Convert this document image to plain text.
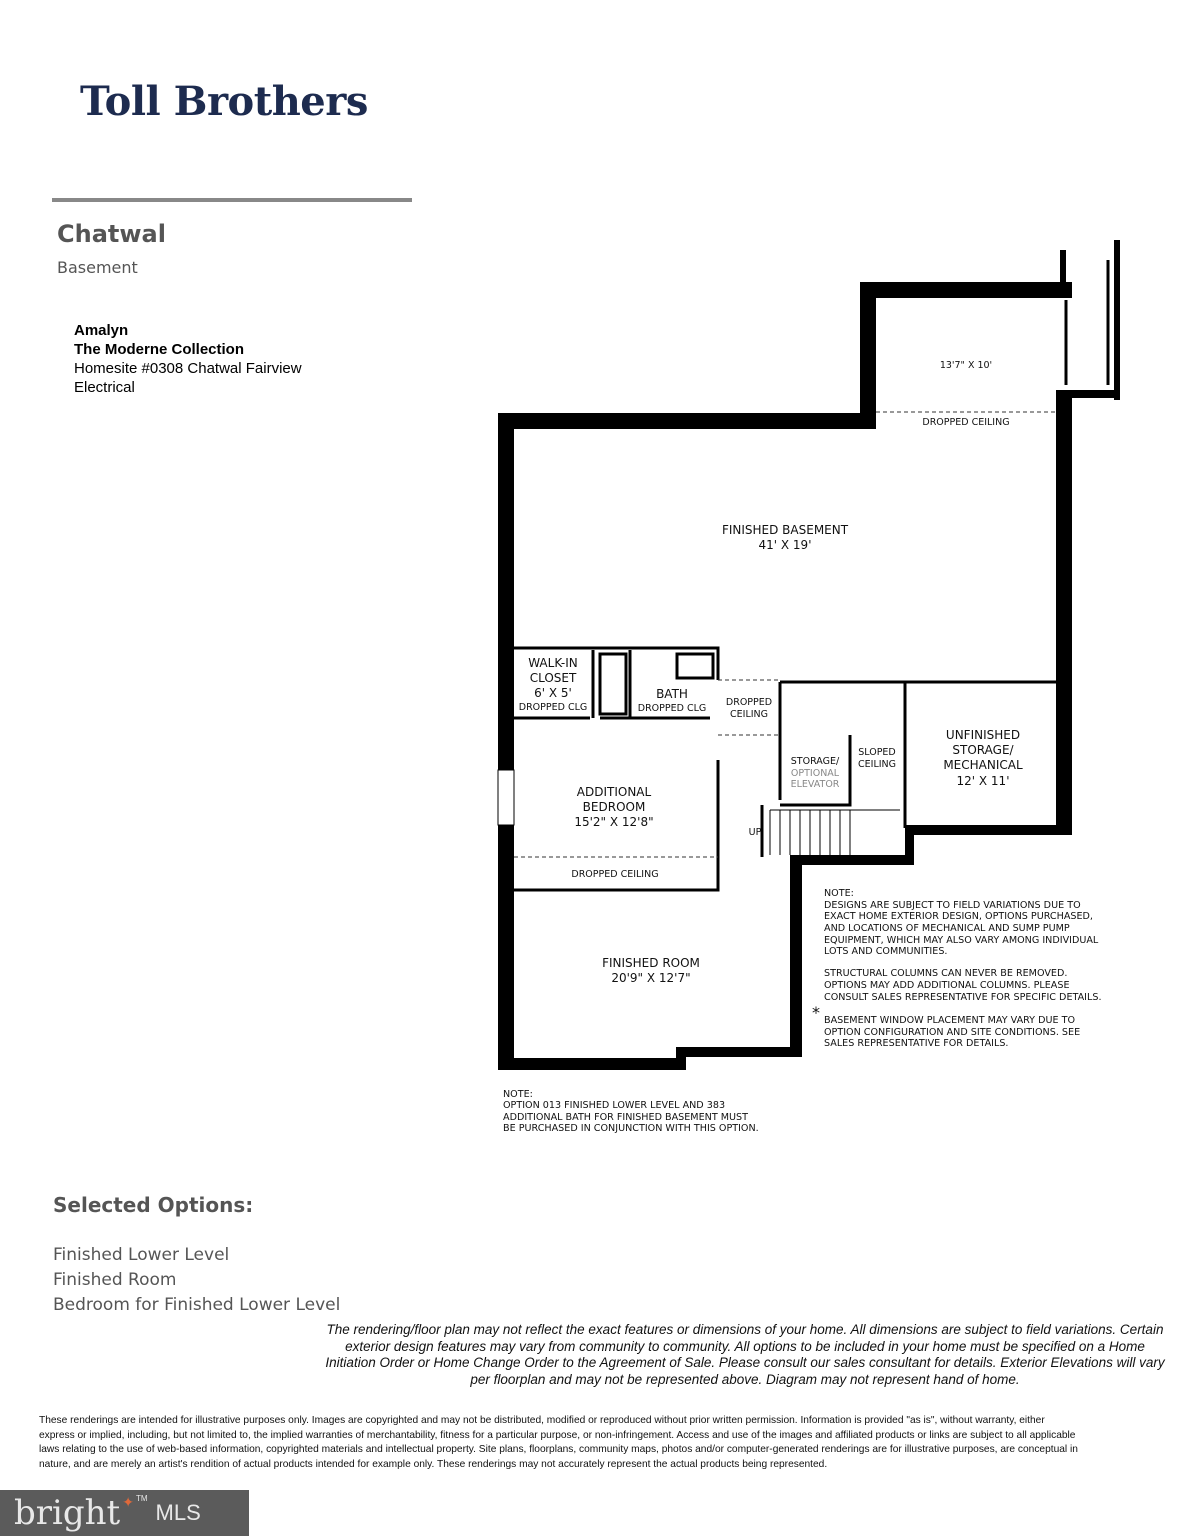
Toll Brothers
Chatwal
Basement
Amalyn
The Moderne Collection
Homesite #0308 Chatwal Fairview
Electrical
13'7" X 10'
DROPPED CEILING
FINISHED BASEMENT
41' X 19'
WALK-IN
CLOSET
6' X 5'
DROPPED CLG
BATH
DROPPED CLG
DROPPED
CEILING
UNFINISHED
STORAGE/
MECHANICAL
12' X 11'
STORAGE/
OPTIONAL
ELEVATOR
SLOPED
CEILING
ADDITIONAL
BEDROOM
15'2" X 12'8"
DROPPED CEILING
UP
FINISHED ROOM
20'9" X 12'7"
*
NOTE:
DESIGNS ARE SUBJECT TO FIELD VARIATIONS DUE TO
EXACT HOME EXTERIOR DESIGN, OPTIONS PURCHASED,
AND LOCATIONS OF MECHANICAL AND SUMP PUMP
EQUIPMENT, WHICH MAY ALSO VARY AMONG INDIVIDUAL
LOTS AND COMMUNITIES.
STRUCTURAL COLUMNS CAN NEVER BE REMOVED.
OPTIONS MAY ADD ADDITIONAL COLUMNS. PLEASE
CONSULT SALES REPRESENTATIVE FOR SPECIFIC DETAILS.
BASEMENT WINDOW PLACEMENT MAY VARY DUE TO
OPTION CONFIGURATION AND SITE CONDITIONS. SEE
SALES REPRESENTATIVE FOR DETAILS.
NOTE:
OPTION 013 FINISHED LOWER LEVEL AND 383
ADDITIONAL BATH FOR FINISHED BASEMENT MUST
BE PURCHASED IN CONJUNCTION WITH THIS OPTION.
Selected Options:
Finished Lower Level
Finished Room
Bedroom for Finished Lower Level
The rendering/floor plan may not reflect the exact features or dimensions of your home. All dimensions are subject to field variations. Certain exterior design features may vary from community to community. All options to be included in your home must be specified on a Home Initiation Order or Home Change Order to the Agreement of Sale. Please consult our sales consultant for details. Exterior Elevations will vary per floorplan and may not be represented above. Diagram may not represent hand of home.
These renderings are intended for illustrative purposes only. Images are copyrighted and may not be distributed, modified or reproduced without prior written permission. Information is provided "as is", without warranty, either express or implied, including, but not limited to, the implied warranties of merchantability, fitness for a particular purpose, or non-infringement. Access and use of the images and affiliated products or links are subject to all applicable laws relating to the use of web-based information, copyrighted materials and intellectual property. Site plans, floorplans, community maps, photos and/or computer-generated renderings are for illustrative purposes, are conceptual in nature, and are merely an artist's rendition of actual products intended for example only. These renderings may not accurately represent the actual products being represented.
bright ✦ TM
MLS
